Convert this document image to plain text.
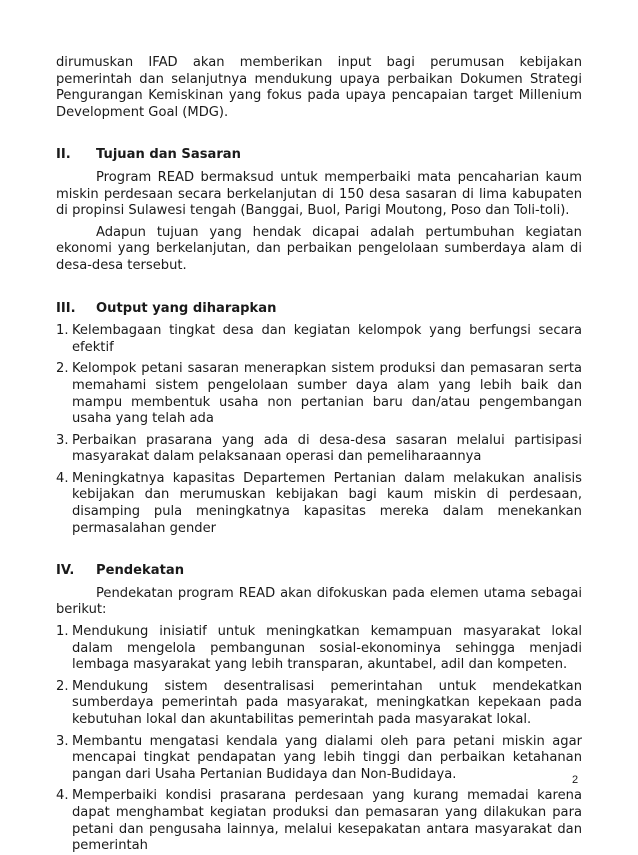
dirumuskan IFAD akan memberikan input bagi perumusan kebijakan pemerintah dan selanjutnya mendukung upaya perbaikan Dokumen Strategi Pengurangan Kemiskinan yang fokus pada upaya pencapaian target Millenium Development Goal (MDG).

II.	Tujuan dan Sasaran

Program READ bermaksud untuk memperbaiki mata pencaharian kaum miskin perdesaan secara berkelanjutan di 150 desa sasaran di lima kabupaten di propinsi Sulawesi tengah (Banggai, Buol, Parigi Moutong, Poso dan Toli-toli).

Adapun tujuan yang hendak dicapai adalah pertumbuhan kegiatan ekonomi yang berkelanjutan, dan perbaikan pengelolaan sumberdaya alam di desa-desa tersebut.

III.	Output yang diharapkan
1. Kelembagaan tingkat desa dan kegiatan kelompok yang berfungsi secara efektif
2. Kelompok petani sasaran menerapkan sistem produksi dan pemasaran serta memahami sistem pengelolaan sumber daya alam yang lebih baik dan mampu membentuk usaha non pertanian baru dan/atau pengembangan usaha yang telah ada
3. Perbaikan prasarana yang ada di desa-desa sasaran melalui partisipasi masyarakat dalam pelaksanaan operasi dan pemeliharaannya
4. Meningkatnya kapasitas Departemen Pertanian dalam melakukan analisis kebijakan dan merumuskan kebijakan bagi kaum miskin di perdesaan, disamping pula meningkatnya kapasitas mereka dalam menekankan permasalahan gender
IV.	Pendekatan

Pendekatan program READ akan difokuskan pada elemen utama sebagai berikut:

1. Mendukung inisiatif untuk meningkatkan kemampuan masyarakat lokal dalam mengelola pembangunan sosial-ekonominya sehingga menjadi lembaga masyarakat yang lebih transparan, akuntabel, adil dan kompeten.
2. Mendukung sistem desentralisasi pemerintahan untuk mendekatkan sumberdaya pemerintah pada masyarakat, meningkatkan kepekaan pada kebutuhan lokal dan akuntabilitas pemerintah pada masyarakat lokal.
3. Membantu mengatasi kendala yang dialami oleh para petani miskin agar mencapai tingkat pendapatan yang lebih tinggi dan perbaikan ketahanan pangan dari Usaha Pertanian Budidaya dan Non-Budidaya.
4. Memperbaiki kondisi prasarana perdesaan yang kurang memadai karena dapat menghambat kegiatan produksi dan pemasaran yang dilakukan para petani dan pengusaha lainnya, melalui kesepakatan antara masyarakat dan pemerintah
2
